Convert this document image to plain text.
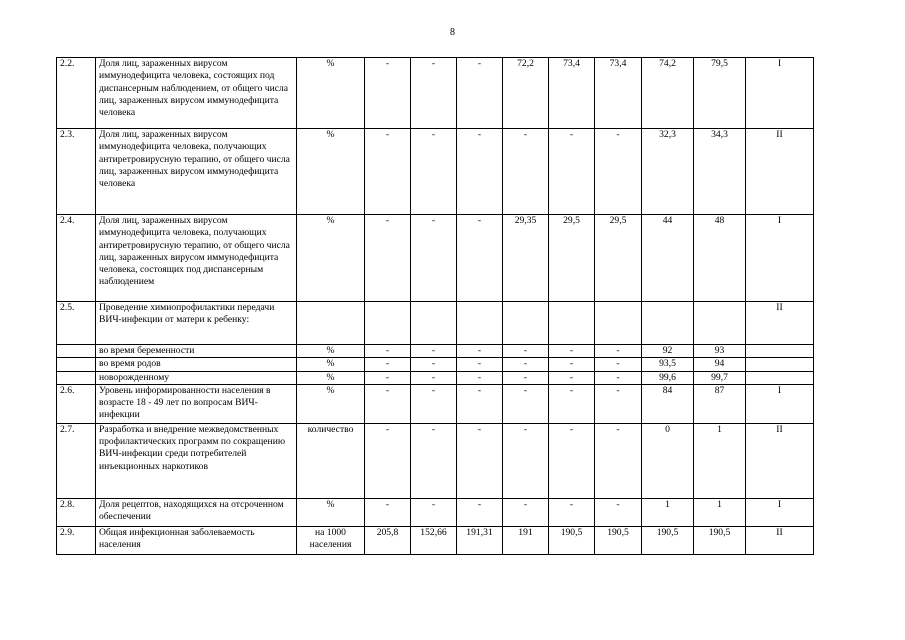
8
2.2.	Доля лиц, зараженных вирусом иммунодефицита человека, состоящих под диспансерным наблюдением, от общего числа лиц, зараженных вирусом иммунодефицита человека	%	-	-	-	72,2	73,4	73,4	74,2	79,5	I
2.3.	Доля лиц, зараженных вирусом иммунодефицита человека, получающих антиретровирусную терапию, от общего числа лиц, зараженных вирусом иммунодефицита человека	%	-	-	-	-	-	-	32,3	34,3	II
2.4.	Доля лиц, зараженных вирусом иммунодефицита человека, получающих антиретровирусную терапию, от общего числа лиц, зараженных вирусом иммунодефицита человека, состоящих под диспансерным наблюдением	%	-	-	-	29,35	29,5	29,5	44	48	I
2.5.	Проведение химиопрофилактики передачи ВИЧ-инфекции от матери к ребенку:										II
	во время беременности	%	-	-	-	-	-	-	92	93	
	во время родов	%	-	-	-	-	-	-	93,5	94	
	новорожденному	%	-	-	-	-	-	-	99,6	99,7	
2.6.	Уровень информированности населения в возрасте 18 - 49 лет по вопросам ВИЧ-инфекции	%	-	-	-	-	-	-	84	87	I
2.7.	Разработка и внедрение межведомственных профилактических программ по сокращению ВИЧ-инфекции среди потребителей инъекционных наркотиков	количество	-	-	-	-	-	-	0	1	II
2.8.	Доля рецептов, находящихся на отсроченном обеспечении	%	-	-	-	-	-	-	1	1	I
2.9.	Общая инфекционная заболеваемость населения	на 1000 населения	205,8	152,66	191,31	191	190,5	190,5	190,5	190,5	II
